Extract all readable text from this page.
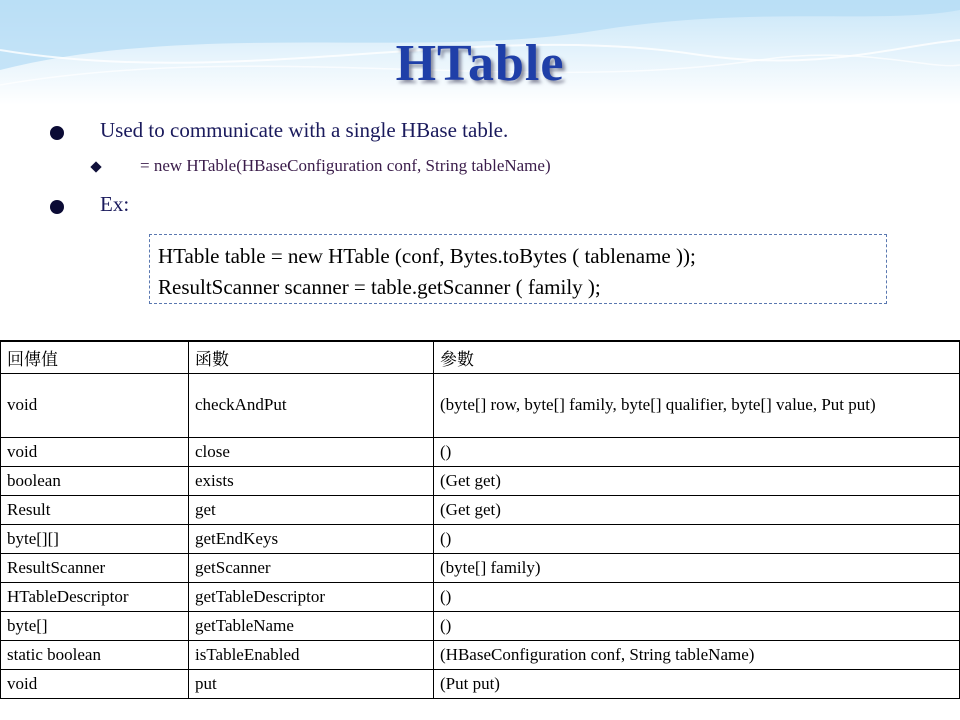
HTable
Used to communicate with a single HBase table.
= new HTable(HBaseConfiguration conf, String tableName)
Ex:
HTable table = new HTable (conf, Bytes.toBytes ( tablename ));
ResultScanner scanner = table.getScanner ( family );
回傳值	函數	參數
void	checkAndPut	(byte[] row, byte[] family, byte[] qualifier, byte[] value, Put put)
void	close	()
boolean	exists	(Get get)
Result	get	(Get get)
byte[][]	getEndKeys	()
ResultScanner	getScanner	(byte[] family)
HTableDescriptor	getTableDescriptor	()
byte[]	getTableName	()
static boolean	isTableEnabled	(HBaseConfiguration conf, String tableName)
void	put	(Put put)
